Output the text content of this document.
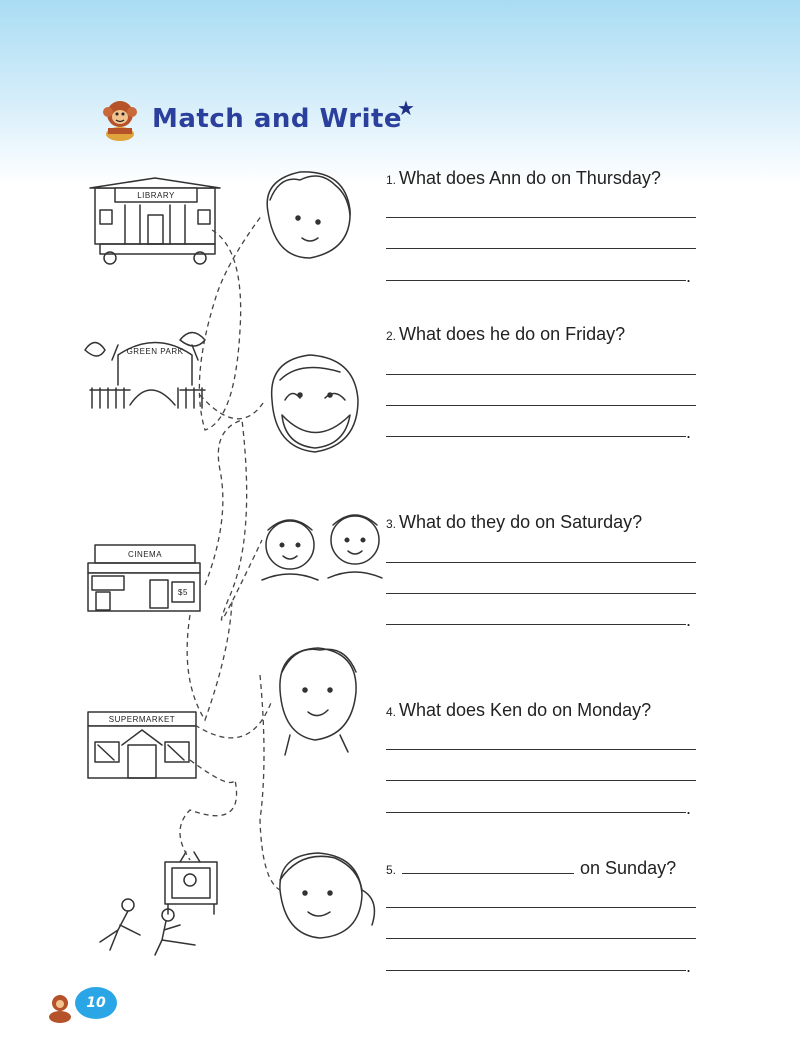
Match and Write
★
LIBRARY
GREEN PARK
CINEMA
$5
SUPERMARKET
1. What does Ann do on Thursday?
.
2. What does he do on Friday?
.
3. What do they do on Saturday?
.
4. What does Ken do on Monday?
.
5.	on Sunday?
.
10
